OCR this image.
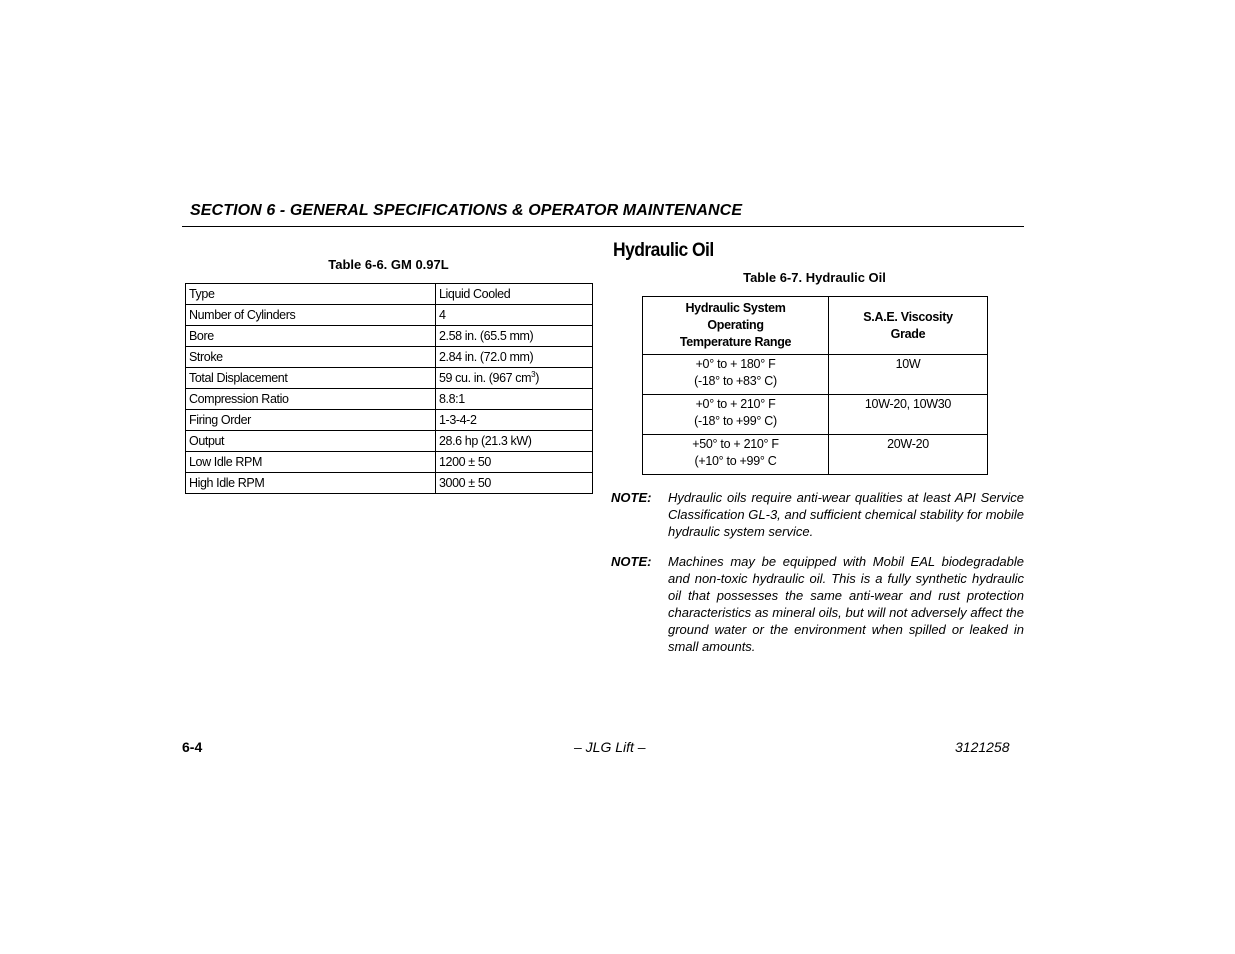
SECTION 6 - GENERAL SPECIFICATIONS & OPERATOR MAINTENANCE
Table 6-6. GM 0.97L
Type	Liquid Cooled
Number of Cylinders	4
Bore	2.58 in. (65.5 mm)
Stroke	2.84 in. (72.0 mm)
Total Displacement	59 cu. in. (967 $cm^3$)
Compression Ratio	8.8:1
Firing Order	1-3-4-2
Output	28.6 hp (21.3 kW)
Low Idle RPM	1200 ± 50
High Idle RPM	3000 ± 50
Hydraulic Oil
Table 6-7. Hydraulic Oil
Hydraulic System
Operating
Temperature Range	S.A.E. Viscosity
Grade

+0° to + 180° F
(-18° to +83° C)	10W

+0° to + 210° F
(-18° to +99° C)	10W-20, 10W30

+50° to + 210° F
(+10° to +99° C	20W-20
NOTE: Hydraulic oils require anti-wear qualities at least API Service Classification GL-3, and sufficient chemical stability for mobile hydraulic system service.
NOTE: Machines may be equipped with Mobil EAL biodegradable and non-toxic hydraulic oil. This is a fully synthetic hydraulic oil that possesses the same anti-wear and rust protection characteristics as mineral oils, but will not adversely affect the ground water or the environment when spilled or leaked in small amounts.
6-4	– JLG Lift –	3121258
